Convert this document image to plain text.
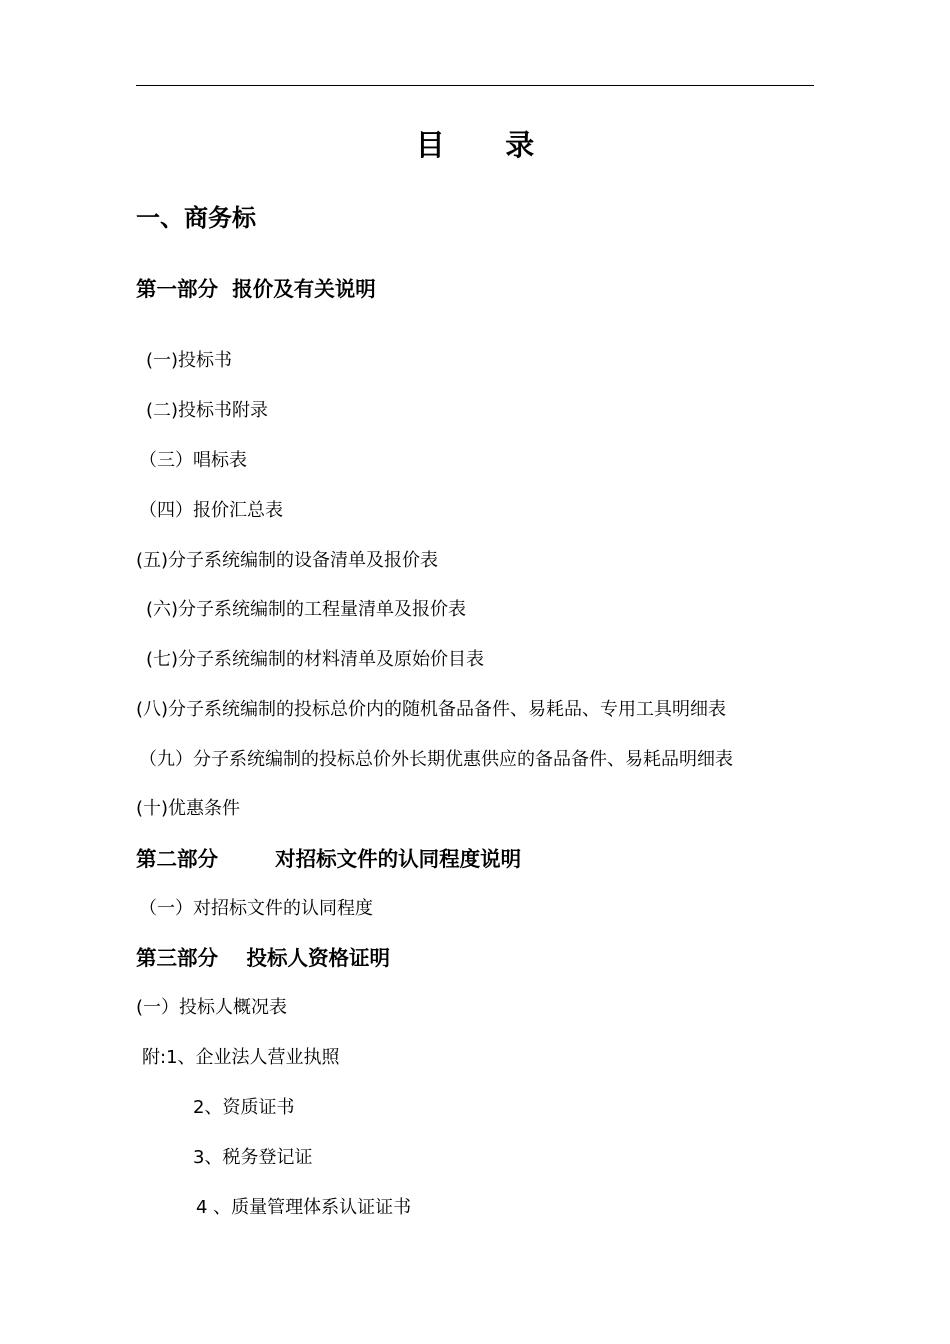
目      录
一、商务标
第一部分  报价及有关说明
(一)投标书
(二)投标书附录
（三）唱标表
（四）报价汇总表
(五)分子系统编制的设备清单及报价表
(六)分子系统编制的工程量清单及报价表
(七)分子系统编制的材料清单及原始价目表
(八)分子系统编制的投标总价内的随机备品备件、易耗品、专用工具明细表
（九）分子系统编制的投标总价外长期优惠供应的备品备件、易耗品明细表
(十)优惠条件
第二部分        对招标文件的认同程度说明
（一）对招标文件的认同程度
第三部分    投标人资格证明
(一）投标人概况表
附:1、企业法人营业执照
2、资质证书
3、税务登记证
4 、质量管理体系认证证书
